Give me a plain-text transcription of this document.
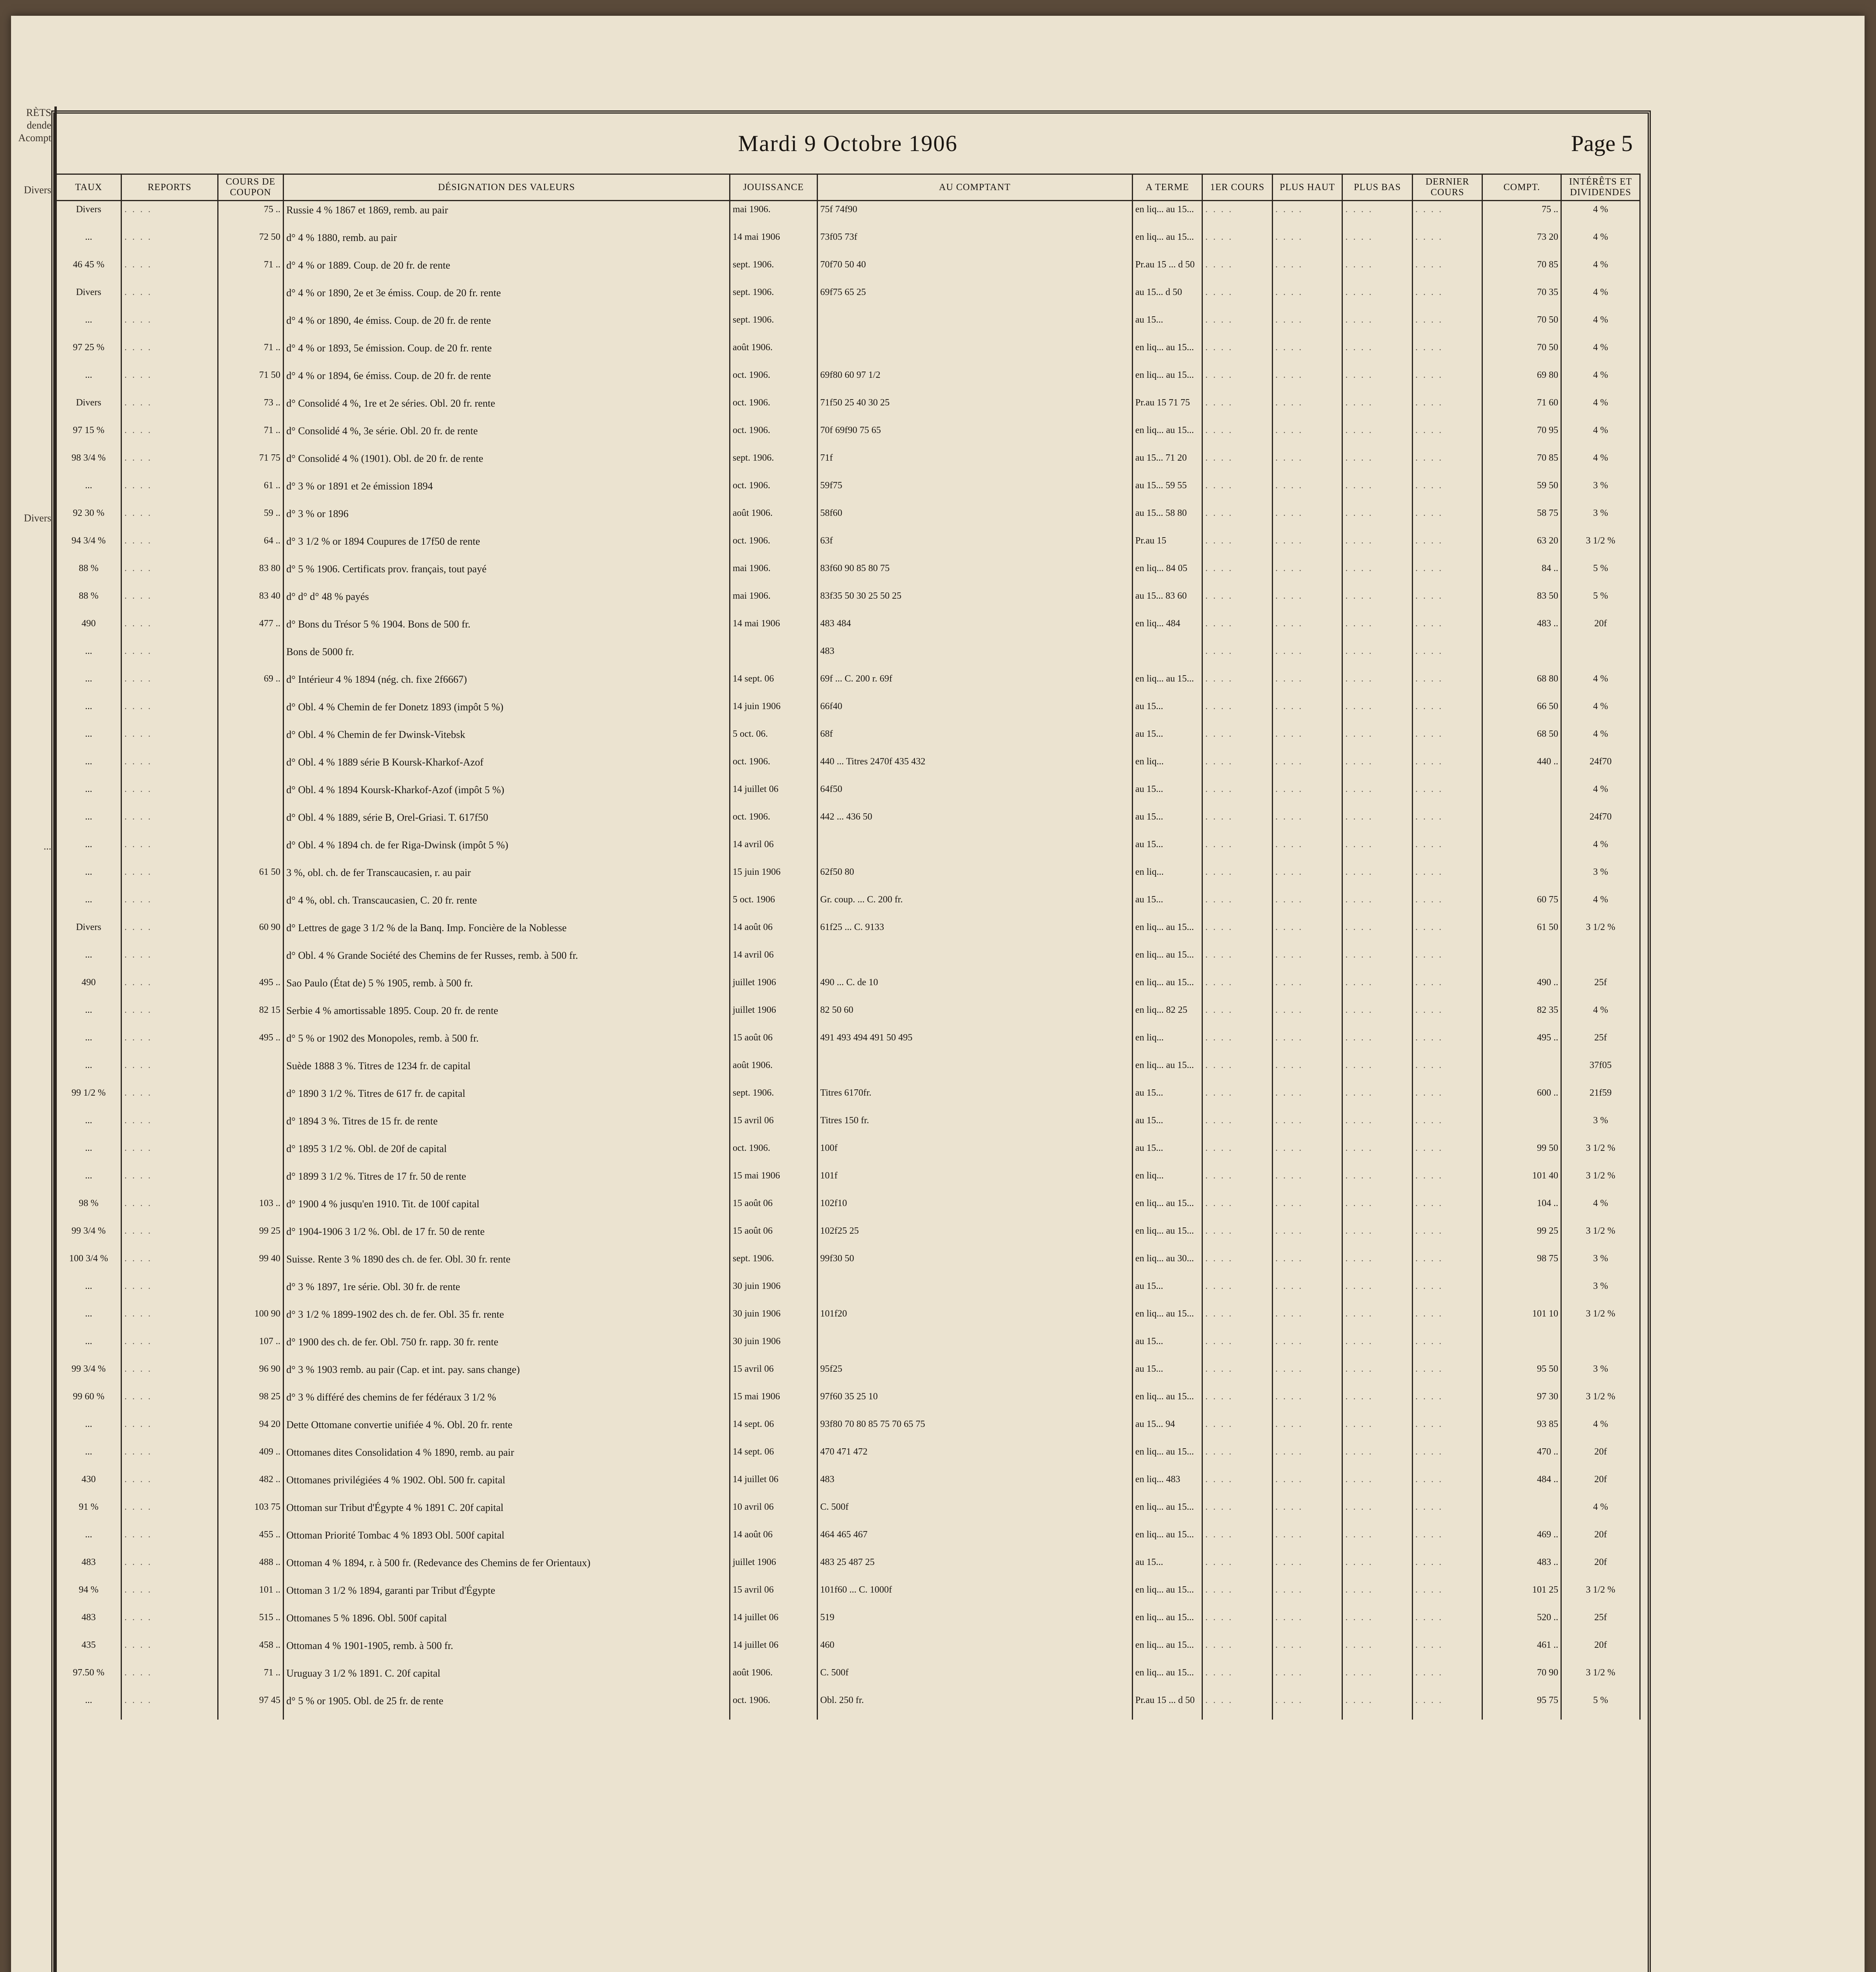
RÈTS
dende
Acompt
Divers
Divers
...
Mardi 9 Octobre 1906	Page 5
TAUX	REPORTS	COURS DE COUPON	DÉSIGNATION DES VALEURS	JOUISSANCE	AU COMPTANT	A TERME	1ER COURS	PLUS HAUT	PLUS BAS	DERNIER COURS	COMPT.	INTÉRÊTS ET DIVIDENDES
Divers	. . . .	75 ..	Russie 4 % 1867 et 1869, remb. au pair	mai 1906.	75f 74f90	en liq... au 15...	. . . .	. . . .	. . . .	. . . .	75 ..	4 %
...	. . . .	72 50	d° 4 % 1880, remb. au pair	14 mai 1906	73f05 73f	en liq... au 15...	. . . .	. . . .	. . . .	. . . .	73 20	4 %
46 45 %	. . . .	71 ..	d° 4 % or 1889. Coup. de 20 fr. de rente	sept. 1906.	70f70 50 40	Pr.au 15 ... d 50	. . . .	. . . .	. . . .	. . . .	70 85	4 %
Divers	. . . .		d° 4 % or 1890, 2e et 3e émiss. Coup. de 20 fr. rente	sept. 1906.	69f75 65 25	au 15... d 50	. . . .	. . . .	. . . .	. . . .	70 35	4 %
...	. . . .		d° 4 % or 1890, 4e émiss. Coup. de 20 fr. de rente	sept. 1906.		au 15...	. . . .	. . . .	. . . .	. . . .	70 50	4 %
97 25 %	. . . .	71 ..	d° 4 % or 1893, 5e émission. Coup. de 20 fr. rente	août 1906.		en liq... au 15...	. . . .	. . . .	. . . .	. . . .	70 50	4 %
...	. . . .	71 50	d° 4 % or 1894, 6e émiss. Coup. de 20 fr. de rente	oct. 1906.	69f80 60 97 1/2	en liq... au 15...	. . . .	. . . .	. . . .	. . . .	69 80	4 %
Divers	. . . .	73 ..	d° Consolidé 4 %, 1re et 2e séries. Obl. 20 fr. rente	oct. 1906.	71f50 25 40 30 25	Pr.au 15 71 75	. . . .	. . . .	. . . .	. . . .	71 60	4 %
97 15 %	. . . .	71 ..	d° Consolidé 4 %, 3e série. Obl. 20 fr. de rente	oct. 1906.	70f 69f90 75 65	en liq... au 15...	. . . .	. . . .	. . . .	. . . .	70 95	4 %
98 3/4 %	. . . .	71 75	d° Consolidé 4 % (1901). Obl. de 20 fr. de rente	sept. 1906.	71f	au 15... 71 20	. . . .	. . . .	. . . .	. . . .	70 85	4 %
...	. . . .	61 ..	d° 3 % or 1891 et 2e émission 1894	oct. 1906.	59f75	au 15... 59 55	. . . .	. . . .	. . . .	. . . .	59 50	3 %
92 30 %	. . . .	59 ..	d° 3 % or 1896	août 1906.	58f60	au 15... 58 80	. . . .	. . . .	. . . .	. . . .	58 75	3 %
94 3/4 %	. . . .	64 ..	d° 3 1/2 % or 1894 Coupures de 17f50 de rente	oct. 1906.	63f	Pr.au 15	. . . .	. . . .	. . . .	. . . .	63 20	3 1/2 %
88 %	. . . .	83 80	d° 5 % 1906. Certificats prov. français, tout payé	mai 1906.	83f60 90 85 80 75	en liq... 84 05	. . . .	. . . .	. . . .	. . . .	84 ..	5 %
88 %	. . . .	83 40	d° d° d° 48 % payés	mai 1906.	83f35 50 30 25 50 25	au 15... 83 60	. . . .	. . . .	. . . .	. . . .	83 50	5 %
490	. . . .	477 ..	d° Bons du Trésor 5 % 1904. Bons de 500 fr.	14 mai 1906	483 484	en liq... 484	. . . .	. . . .	. . . .	. . . .	483 ..	20f
...	. . . .		Bons de 5000 fr.		483		. . . .	. . . .	. . . .	. . . .		
...	. . . .	69 ..	d° Intérieur 4 % 1894 (nég. ch. fixe 2f6667)	14 sept. 06	69f ... C. 200 r. 69f	en liq... au 15...	. . . .	. . . .	. . . .	. . . .	68 80	4 %
...	. . . .		d° Obl. 4 % Chemin de fer Donetz 1893 (impôt 5 %)	14 juin 1906	66f40	au 15...	. . . .	. . . .	. . . .	. . . .	66 50	4 %
...	. . . .		d° Obl. 4 % Chemin de fer Dwinsk-Vitebsk	5 oct. 06.	68f	au 15...	. . . .	. . . .	. . . .	. . . .	68 50	4 %
...	. . . .		d° Obl. 4 % 1889 série B Koursk-Kharkof-Azof	oct. 1906.	440 ... Titres 2470f 435 432	en liq...	. . . .	. . . .	. . . .	. . . .	440 ..	24f70
...	. . . .		d° Obl. 4 % 1894 Koursk-Kharkof-Azof (impôt 5 %)	14 juillet 06	64f50	au 15...	. . . .	. . . .	. . . .	. . . .		4 %
...	. . . .		d° Obl. 4 % 1889, série B, Orel-Griasi. T. 617f50	oct. 1906.	442 ... 436 50	au 15...	. . . .	. . . .	. . . .	. . . .		24f70
...	. . . .		d° Obl. 4 % 1894 ch. de fer Riga-Dwinsk (impôt 5 %)	14 avril 06		au 15...	. . . .	. . . .	. . . .	. . . .		4 %
...	. . . .	61 50	3 %, obl. ch. de fer Transcaucasien, r. au pair	15 juin 1906	62f50 80	en liq...	. . . .	. . . .	. . . .	. . . .		3 %
...	. . . .		d° 4 %, obl. ch. Transcaucasien, C. 20 fr. rente	5 oct. 1906	Gr. coup. ... C. 200 fr.	au 15...	. . . .	. . . .	. . . .	. . . .	60 75	4 %
Divers	. . . .	60 90	d° Lettres de gage 3 1/2 % de la Banq. Imp. Foncière de la Noblesse	14 août 06	61f25 ... C. 9133	en liq... au 15...	. . . .	. . . .	. . . .	. . . .	61 50	3 1/2 %
...	. . . .		d° Obl. 4 % Grande Société des Chemins de fer Russes, remb. à 500 fr.	14 avril 06		en liq... au 15...	. . . .	. . . .	. . . .	. . . .		
490	. . . .	495 ..	Sao Paulo (État de) 5 % 1905, remb. à 500 fr.	juillet 1906	490 ... C. de 10	en liq... au 15...	. . . .	. . . .	. . . .	. . . .	490 ..	25f
...	. . . .	82 15	Serbie 4 % amortissable 1895. Coup. 20 fr. de rente	juillet 1906	82 50 60	en liq... 82 25	. . . .	. . . .	. . . .	. . . .	82 35	4 %
...	. . . .	495 ..	d° 5 % or 1902 des Monopoles, remb. à 500 fr.	15 août 06	491 493 494 491 50 495	en liq...	. . . .	. . . .	. . . .	. . . .	495 ..	25f
...	. . . .		Suède 1888 3 %. Titres de 1234 fr. de capital	août 1906.		en liq... au 15...	. . . .	. . . .	. . . .	. . . .		37f05
99 1/2 %	. . . .		d° 1890 3 1/2 %. Titres de 617 fr. de capital	sept. 1906.	Titres 6170fr.	au 15...	. . . .	. . . .	. . . .	. . . .	600 ..	21f59
...	. . . .		d° 1894 3 %. Titres de 15 fr. de rente	15 avril 06	Titres 150 fr.	au 15...	. . . .	. . . .	. . . .	. . . .		3 %
...	. . . .		d° 1895 3 1/2 %. Obl. de 20f de capital	oct. 1906.	100f	au 15...	. . . .	. . . .	. . . .	. . . .	99 50	3 1/2 %
...	. . . .		d° 1899 3 1/2 %. Titres de 17 fr. 50 de rente	15 mai 1906	101f	en liq...	. . . .	. . . .	. . . .	. . . .	101 40	3 1/2 %
98 %	. . . .	103 ..	d° 1900 4 % jusqu'en 1910. Tit. de 100f capital	15 août 06	102f10	en liq... au 15...	. . . .	. . . .	. . . .	. . . .	104 ..	4 %
99 3/4 %	. . . .	99 25	d° 1904-1906 3 1/2 %. Obl. de 17 fr. 50 de rente	15 août 06	102f25 25	en liq... au 15...	. . . .	. . . .	. . . .	. . . .	99 25	3 1/2 %
100 3/4 %	. . . .	99 40	Suisse. Rente 3 % 1890 des ch. de fer. Obl. 30 fr. rente	sept. 1906.	99f30 50	en liq... au 30...	. . . .	. . . .	. . . .	. . . .	98 75	3 %
...	. . . .		d° 3 % 1897, 1re série. Obl. 30 fr. de rente	30 juin 1906		au 15...	. . . .	. . . .	. . . .	. . . .		3 %
...	. . . .	100 90	d° 3 1/2 % 1899-1902 des ch. de fer. Obl. 35 fr. rente	30 juin 1906	101f20	en liq... au 15...	. . . .	. . . .	. . . .	. . . .	101 10	3 1/2 %
...	. . . .	107 ..	d° 1900 des ch. de fer. Obl. 750 fr. rapp. 30 fr. rente	30 juin 1906		au 15...	. . . .	. . . .	. . . .	. . . .		
99 3/4 %	. . . .	96 90	d° 3 % 1903 remb. au pair (Cap. et int. pay. sans change)	15 avril 06	95f25	au 15...	. . . .	. . . .	. . . .	. . . .	95 50	3 %
99 60 %	. . . .	98 25	d° 3 % différé des chemins de fer fédéraux 3 1/2 %	15 mai 1906	97f60 35 25 10	en liq... au 15...	. . . .	. . . .	. . . .	. . . .	97 30	3 1/2 %
...	. . . .	94 20	Dette Ottomane convertie unifiée 4 %. Obl. 20 fr. rente	14 sept. 06	93f80 70 80 85 75 70 65 75	au 15... 94	. . . .	. . . .	. . . .	. . . .	93 85	4 %
...	. . . .	409 ..	Ottomanes dites Consolidation 4 % 1890, remb. au pair	14 sept. 06	470 471 472	en liq... au 15...	. . . .	. . . .	. . . .	. . . .	470 ..	20f
430	. . . .	482 ..	Ottomanes privilégiées 4 % 1902. Obl. 500 fr. capital	14 juillet 06	483	en liq... 483	. . . .	. . . .	. . . .	. . . .	484 ..	20f
91 %	. . . .	103 75	Ottoman sur Tribut d'Égypte 4 % 1891 C. 20f capital	10 avril 06	C. 500f	en liq... au 15...	. . . .	. . . .	. . . .	. . . .		4 %
...	. . . .	455 ..	Ottoman Priorité Tombac 4 % 1893 Obl. 500f capital	14 août 06	464 465 467	en liq... au 15...	. . . .	. . . .	. . . .	. . . .	469 ..	20f
483	. . . .	488 ..	Ottoman 4 % 1894, r. à 500 fr. (Redevance des Chemins de fer Orientaux)	juillet 1906	483 25 487 25	au 15...	. . . .	. . . .	. . . .	. . . .	483 ..	20f
94 %	. . . .	101 ..	Ottoman 3 1/2 % 1894, garanti par Tribut d'Égypte	15 avril 06	101f60 ... C. 1000f	en liq... au 15...	. . . .	. . . .	. . . .	. . . .	101 25	3 1/2 %
483	. . . .	515 ..	Ottomanes 5 % 1896. Obl. 500f capital	14 juillet 06	519	en liq... au 15...	. . . .	. . . .	. . . .	. . . .	520 ..	25f
435	. . . .	458 ..	Ottoman 4 % 1901-1905, remb. à 500 fr.	14 juillet 06	460	en liq... au 15...	. . . .	. . . .	. . . .	. . . .	461 ..	20f
97.50 %	. . . .	71 ..	Uruguay 3 1/2 % 1891. C. 20f capital	août 1906.	C. 500f	en liq... au 15...	. . . .	. . . .	. . . .	. . . .	70 90	3 1/2 %
...	. . . .	97 45	d° 5 % or 1905. Obl. de 25 fr. de rente	oct. 1906.	Obl. 250 fr.	Pr.au 15 ... d 50	. . . .	. . . .	. . . .	. . . .	95 75	5 %
